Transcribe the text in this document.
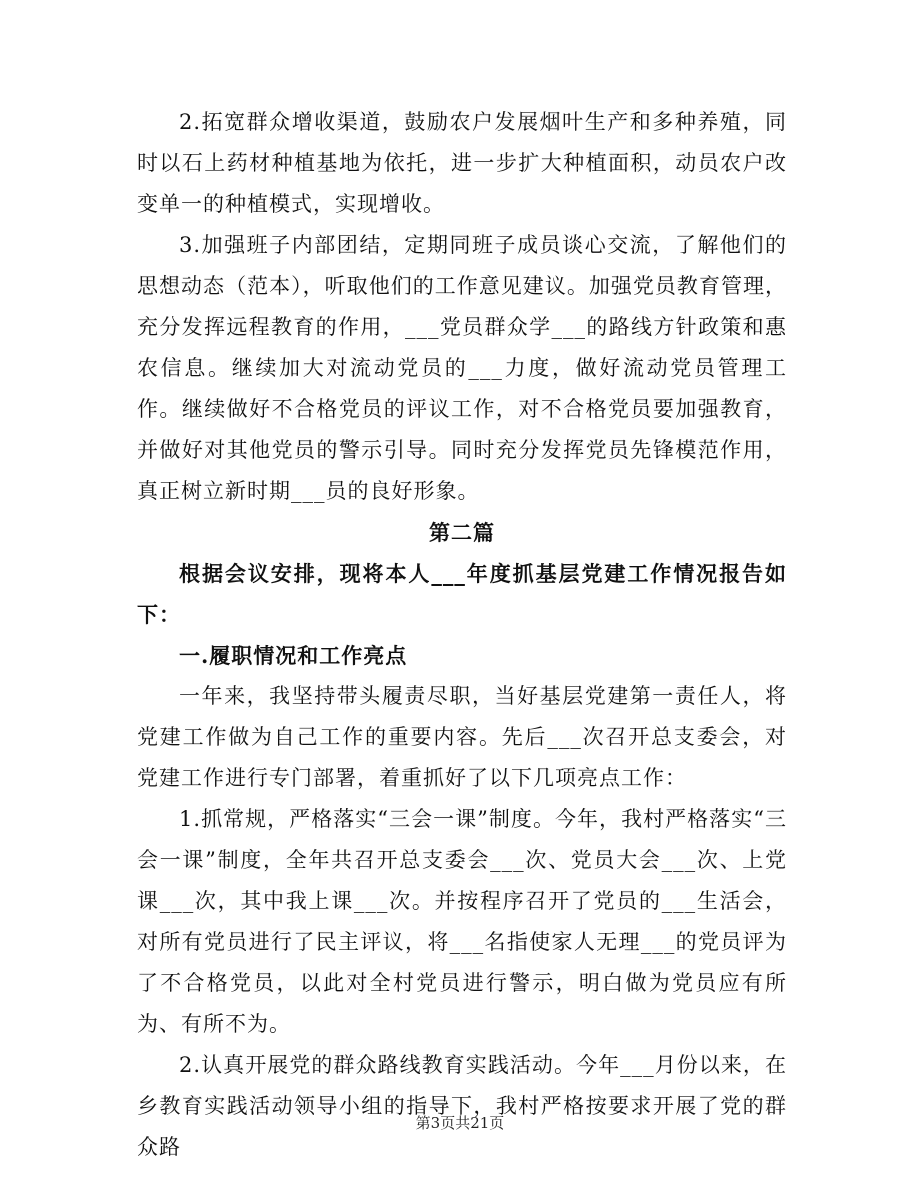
2.拓宽群众增收渠道，鼓励农户发展烟叶生产和多种养殖，同时以石上药材种植基地为依托，进一步扩大种植面积，动员农户改变单一的种植模式，实现增收。

3.加强班子内部团结，定期同班子成员谈心交流，了解他们的思想动态（范本），听取他们的工作意见建议。加强党员教育管理，充分发挥远程教育的作用，___党员群众学___的路线方针政策和惠农信息。继续加大对流动党员的___力度，做好流动党员管理工作。继续做好不合格党员的评议工作，对不合格党员要加强教育，并做好对其他党员的警示引导。同时充分发挥党员先锋模范作用，真正树立新时期___员的良好形象。

第二篇

根据会议安排，现将本人___年度抓基层党建工作情况报告如下：

一.履职情况和工作亮点

一年来，我坚持带头履责尽职，当好基层党建第一责任人，将党建工作做为自己工作的重要内容。先后___次召开总支委会，对党建工作进行专门部署，着重抓好了以下几项亮点工作：

1.抓常规，严格落实“三会一课”制度。今年，我村严格落实“三会一课”制度，全年共召开总支委会___次、党员大会___次、上党课___次，其中我上课___次。并按程序召开了党员的___生活会，对所有党员进行了民主评议，将___名指使家人无理___的党员评为了不合格党员，以此对全村党员进行警示，明白做为党员应有所为、有所不为。

2.认真开展党的群众路线教育实践活动。今年___月份以来，在乡教育实践活动领导小组的指导下，我村严格按要求开展了党的群众路

第3页共21页
